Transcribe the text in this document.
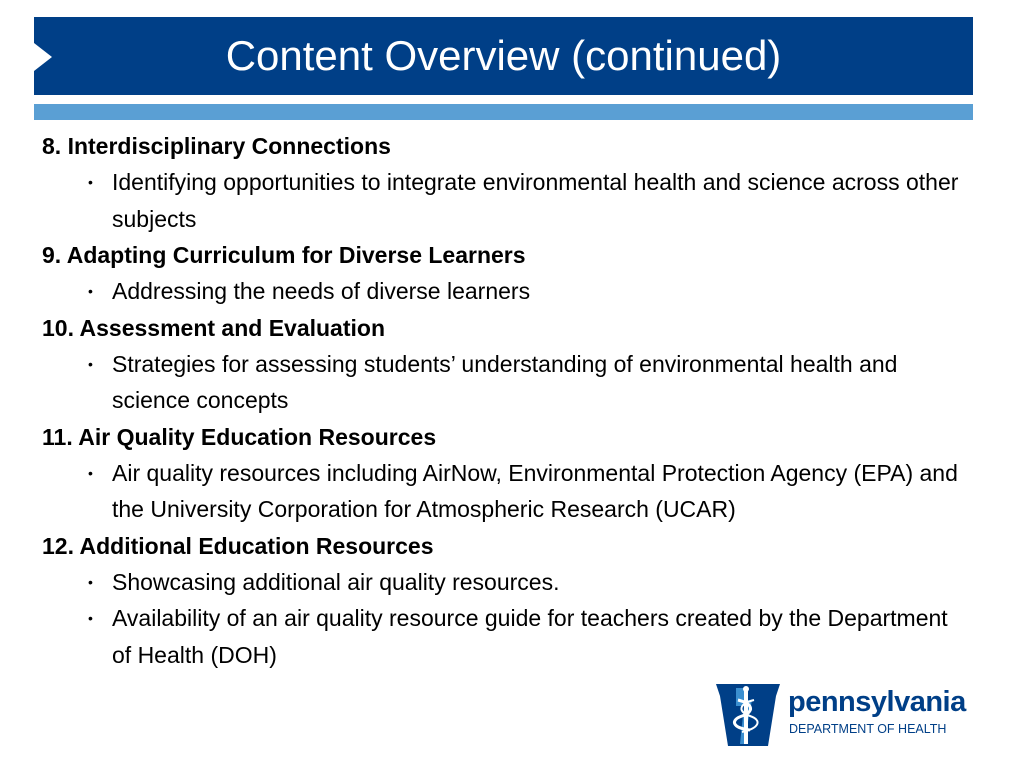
Content Overview (continued)

8. Interdisciplinary Connections

• Identifying opportunities to integrate environmental health and science across other subjects

9. Adapting Curriculum for Diverse Learners

• Addressing the needs of diverse learners

10. Assessment and Evaluation

• Strategies for assessing students’ understanding of environmental health and science concepts

11. Air Quality Education Resources

• Air quality resources including AirNow, Environmental Protection Agency (EPA) and the University Corporation for Atmospheric Research (UCAR)

12. Additional Education Resources

• Showcasing additional air quality resources.
• Availability of an air quality resource guide for teachers created by the Department of Health (DOH)
pennsylvania
DEPARTMENT OF HEALTH
